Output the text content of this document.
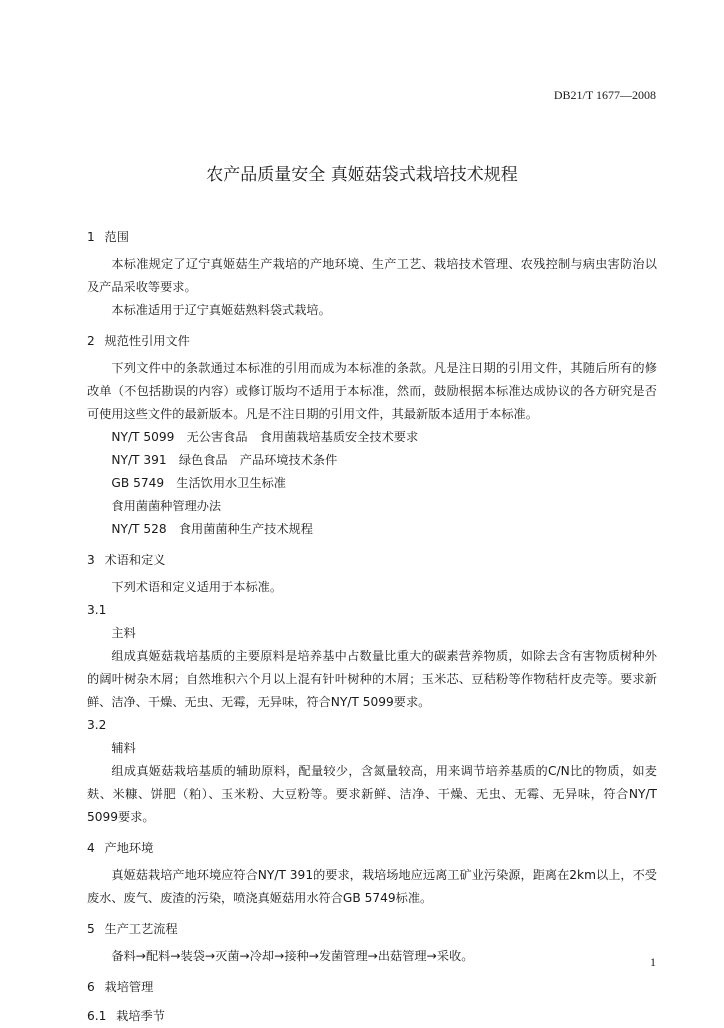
DB21/T 1677—2008
农产品质量安全 真姬菇袋式栽培技术规程

1 范围

本标准规定了辽宁真姬菇生产栽培的产地环境、生产工艺、栽培技术管理、农残控制与病虫害防治以及产品采收等要求。

本标准适用于辽宁真姬菇熟料袋式栽培。

2 规范性引用文件

下列文件中的条款通过本标准的引用而成为本标准的条款。凡是注日期的引用文件，其随后所有的修改单（不包括勘误的内容）或修订版均不适用于本标准，然而，鼓励根据本标准达成协议的各方研究是否可使用这些文件的最新版本。凡是不注日期的引用文件，其最新版本适用于本标准。

NY/T 5099　 无公害食品　食用菌栽培基质安全技术要求

NY/T 391　 绿色食品　产品环境技术条件

GB 5749　 生活饮用水卫生标准

食用菌菌种管理办法

NY/T 528　 食用菌菌种生产技术规程

3 术语和定义

下列术语和定义适用于本标准。

3.1

主料

组成真姬菇栽培基质的主要原料是培养基中占数量比重大的碳素营养物质，如除去含有害物质树种外的阔叶树杂木屑；自然堆积六个月以上混有针叶树种的木屑；玉米芯、豆秸粉等作物秸杆皮壳等。要求新鲜、洁净、干燥、无虫、无霉，无异味，符合NY/T 5099要求。

3.2

辅料

组成真姬菇栽培基质的辅助原料，配量较少，含氮量较高，用来调节培养基质的C/N比的物质，如麦麸、米糠、饼肥（粕）、玉米粉、大豆粉等。要求新鲜、洁净、干燥、无虫、无霉、无异味，符合NY/T 5099要求。

4 产地环境

真姬菇栽培产地环境应符合NY/T 391的要求，栽培场地应远离工矿业污染源，距离在2km以上，不受废水、废气、废渣的污染，喷浇真姬菇用水符合GB 5749标准。

5 生产工艺流程

备料→配料→装袋→灭菌→冷却→接种→发菌管理→出菇管理→采收。

6 栽培管理

6.1 栽培季节

1
